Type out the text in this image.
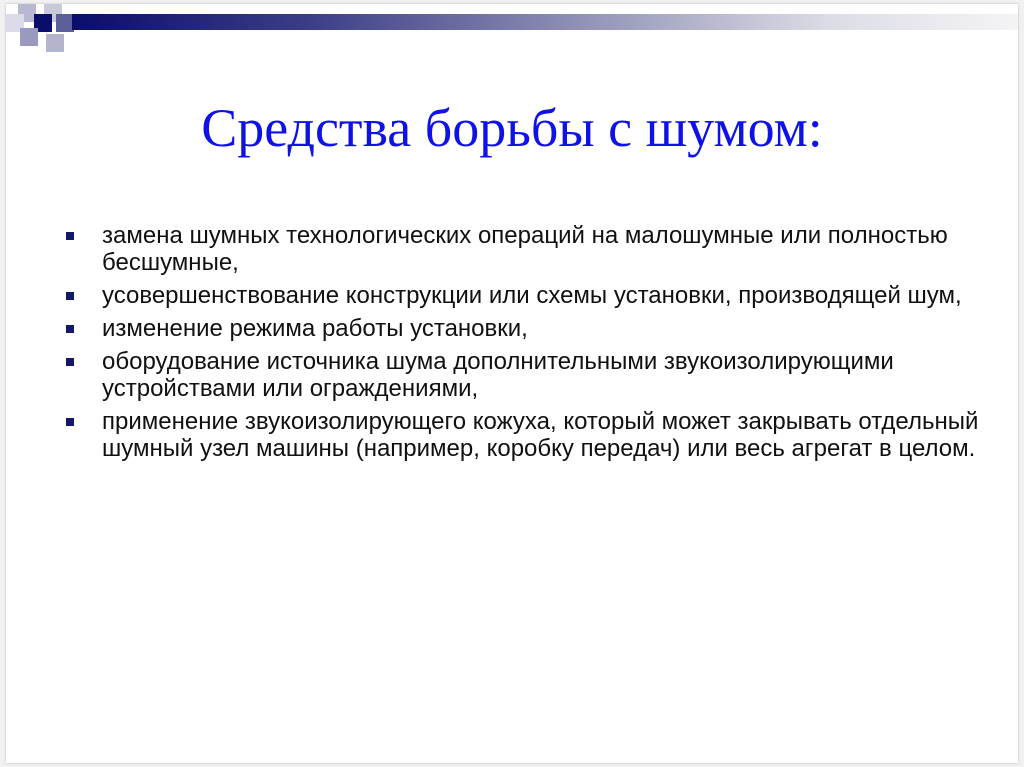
Средства борьбы с шумом:
замена шумных технологических операций на малошумные или полностью бесшумные,
усовершенствование конструкции или схемы установки, производящей шум,
изменение режима работы установки,
оборудование источника шума дополнительными звукоизолирующими устройствами или ограждениями,
применение звукоизолирующего кожуха, который может закрывать отдельный шумный узел машины (например, коробку передач) или весь агрегат в целом.
